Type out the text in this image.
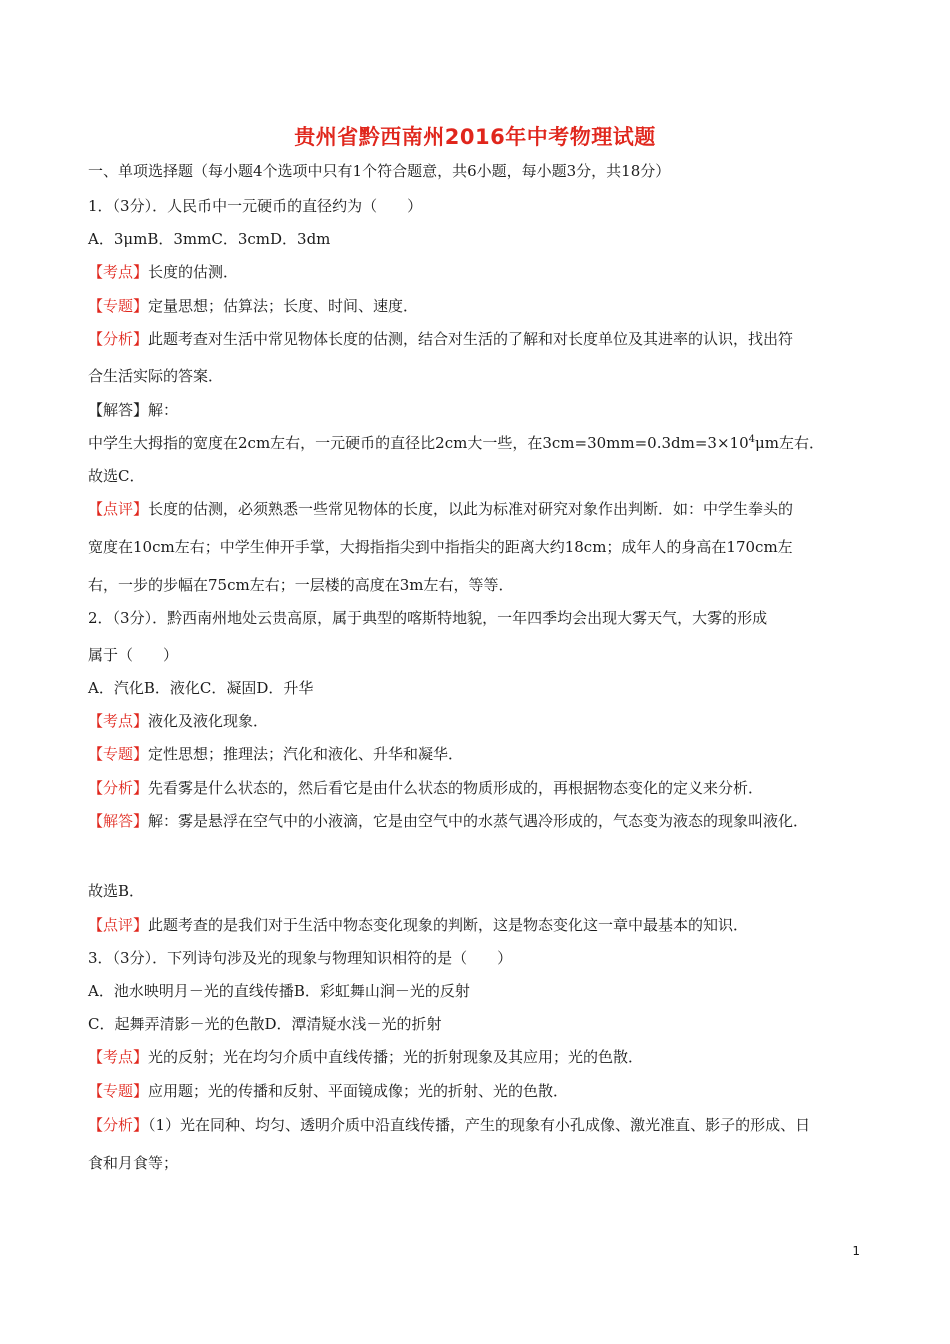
贵州省黔西南州2016年中考物理试题
一、单项选择题（每小题4个选项中只有1个符合题意，共6小题，每小题3分，共18分）
1．（3分）．人民币中一元硬币的直径约为（　　）
A．3μmB．3mmC．3cmD．3dm
【考点】长度的估测．
【专题】定量思想；估算法；长度、时间、速度．
【分析】此题考查对生活中常见物体长度的估测，结合对生活的了解和对长度单位及其进率的认识，找出符
合生活实际的答案．
【解答】解：
中学生大拇指的宽度在2cm左右，一元硬币的直径比2cm大一些，在$3cm=30mm=0.3dm=3\times 10^4\mu m$左右．
故选C．
【点评】长度的估测，必须熟悉一些常见物体的长度，以此为标准对研究对象作出判断．如：中学生拳头的
宽度在10cm左右；中学生伸开手掌，大拇指指尖到中指指尖的距离大约18cm；成年人的身高在170cm左
右，一步的步幅在75cm左右；一层楼的高度在3m左右，等等．
2．（3分）．黔西南州地处云贵高原，属于典型的喀斯特地貌，一年四季均会出现大雾天气，大雾的形成
属于（　　）
A．汽化B．液化C．凝固D．升华
【考点】液化及液化现象．
【专题】定性思想；推理法；汽化和液化、升华和凝华．
【分析】先看雾是什么状态的，然后看它是由什么状态的物质形成的，再根据物态变化的定义来分析．
【解答】解：雾是悬浮在空气中的小液滴，它是由空气中的水蒸气遇冷形成的，气态变为液态的现象叫液化．
故选B．
【点评】此题考查的是我们对于生活中物态变化现象的判断，这是物态变化这一章中最基本的知识．
3．（3分）．下列诗句涉及光的现象与物理知识相符的是（　　）
A．池水映明月－光的直线传播B．彩虹舞山涧－光的反射
C．起舞弄清影－光的色散D．潭清疑水浅－光的折射
【考点】光的反射；光在均匀介质中直线传播；光的折射现象及其应用；光的色散．
【专题】应用题；光的传播和反射、平面镜成像；光的折射、光的色散．
【分析】（1）光在同种、均匀、透明介质中沿直线传播，产生的现象有小孔成像、激光准直、影子的形成、日
食和月食等；
1
